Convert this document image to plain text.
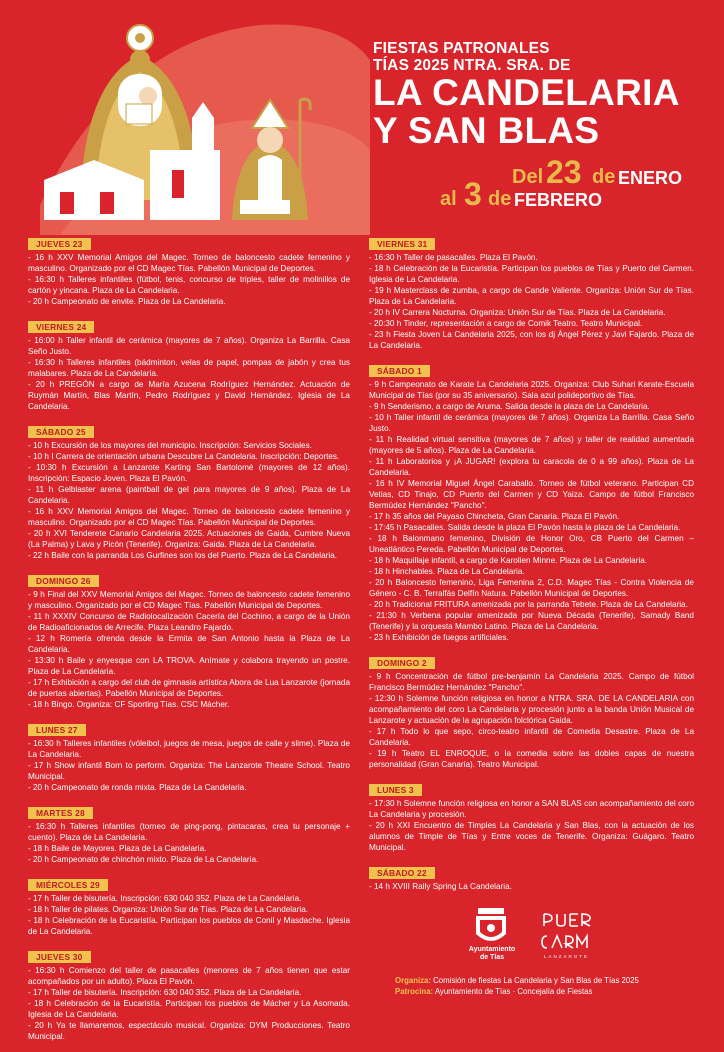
FIESTAS PATRONALES
TÍAS 2025 NTRA. SRA. DE
LA CANDELARIA
Y SAN BLAS
Del 23 de ENERO
al 3 de FEBRERO
JUEVES 23

- 16 h XXV Memorial Amigos del Magec. Torneo de baloncesto cadete femenino y masculino. Organizado por el CD Magec Tías. Pabellón Municipal de Deportes.

- 16:30 h Talleres infantiles (fútbol, tenis, concurso de triples, taller de molinillos de cartón y yincana. Plaza de La Candelaria.

- 20 h Campeonato de envite. Plaza de La Candelaria.

VIERNES 24

- 16:00 h Taller infantil de cerámica (mayores de 7 años). Organiza La Barrilla. Casa Seño Justo.

- 16:30 h Talleres infantiles (bádminton, velas de papel, pompas de jabón y crea tus malabares. Plaza de La Candelaria.

- 20 h PREGÓN a cargo de María Azucena Rodríguez Hernández. Actuación de Ruymán Martín, Blas Martín, Pedro Rodríguez y David Hernández. Iglesia de La Candelaria.

SÁBADO 25

- 10 h Excursión de los mayores del municipio. Inscripción: Servicios Sociales.

- 10 h I Carrera de orientación urbana Descubre La Candelaria. Inscripción: Deportes.

- 10:30 h Excursión a Lanzarote Karting San Bartolomé (mayores de 12 años). Inscripción: Espacio Joven. Plaza El Pavón.

- 11 h Gelblaster arena (paintball de gel para mayores de 9 años). Plaza de La Candelaria.

- 16 h XXV Memorial Amigos del Magec. Torneo de baloncesto cadete femenino y masculino. Organizado por el CD Magec Tías. Pabellón Municipal de Deportes.

- 20 h XVI Tenderete Canario Candelaria 2025. Actuaciones de Gaida, Cumbre Nueva (La Palma) y Lava y Picón (Tenerife). Organiza: Gaida. Plaza de La Candelaria.

- 22 h Baile con la parranda Los Gurfines son los del Puerto. Plaza de La Candelaria.

DOMINGO 26

- 9 h Final del XXV Memorial Amigos del Magec. Torneo de baloncesto cadete femenino y masculino. Organizado por el CD Magec Tías. Pabellón Municipal de Deportes.

- 11 h XXXIV Concurso de Radiolocalización Cacería del Cochino, a cargo de la Unión de Radioaficionados de Arrecife. Plaza Leandro Fajardo.

- 12 h Romería ofrenda desde la Ermita de San Antonio hasta la Plaza de La Candelaria.

- 13:30 h Baile y enyesque con LA TROVA. Anímate y colabora trayendo un postre. Plaza de La Candelaria.

- 17 h Exhibición a cargo del club de gimnasia artística Abora de Lua Lanzarote (jornada de puertas abiertas). Pabellón Municipal de Deportes.

- 18 h Bingo. Organiza: CF Sporting Tías. CSC Mácher.

LUNES 27

- 16:30 h Talleres infantiles (vóleibol, juegos de mesa, juegos de calle y slime). Plaza de La Candelaria.

- 17 h Show infantil Born to perform. Organiza: The Lanzarote Theatre School. Teatro Municipal.

- 20 h Campeonato de ronda mixta. Plaza de La Candelaria.

MARTES 28

- 16:30 h Talleres infantiles (torneo de ping-pong, pintacaras, crea tu personaje + cuento). Plaza de La Candelaria.

- 18 h Baile de Mayores. Plaza de La Candelaria.

- 20 h Campeonato de chinchón mixto. Plaza de La Candelaria.

MIÉRCOLES 29

- 17 h Taller de bisutería. Inscripción: 630 040 352. Plaza de La Candelaria.

- 18 h Taller de pilates. Organiza: Unión Sur de Tías. Plaza de La Candelaria.

- 18 h Celebración de la Eucaristía. Participan los pueblos de Conil y Masdache. Iglesia de La Candelaria.

JUEVES 30

- 16:30 h Comienzo del taller de pasacalles (menores de 7 años tienen que estar acompañados por un adulto). Plaza El Pavón.

- 17 h Taller de bisutería. Inscripción: 630 040 352. Plaza de La Candelaria.

- 18 h Celebración de la Eucaristía. Participan los pueblos de Mácher y La Asomada. Iglesia de La Candelaria.

- 20 h Ya te llamaremos, espectáculo musical. Organiza: DYM Producciones. Teatro Municipal.

VIERNES 31

- 16:30 h Taller de pasacalles. Plaza El Pavón.

- 18 h Celebración de la Eucaristía. Participan los pueblos de Tías y Puerto del Carmen. Iglesia de La Candelaria.

- 19 h Masterclass de zumba, a cargo de Cande Valiente. Organiza: Unión Sur de Tías. Plaza de La Candelaria.

- 20 h IV Carrera Nocturna. Organiza: Unión Sur de Tías. Plaza de La Candelaria.

- 20:30 h Tinder, representación a cargo de Comik Teatro. Teatro Municipal.

- 23 h Fiesta Joven La Candelaria 2025, con los dj Ángel Pérez y Javi Fajardo. Plaza de La Candelaria.

SÁBADO 1

- 9 h Campeonato de Karate La Candelaria 2025. Organiza: Club Suhari Karate-Escuela Municipal de Tías (por su 35 aniversario). Sala azul polideportivo de Tías.

- 9 h Senderismo, a cargo de Aruma. Salida desde la plaza de La Candelaria.

- 10 h Taller infantil de cerámica (mayores de 7 años). Organiza La Barrilla. Casa Seño Justo.

- 11 h Realidad virtual sensitiva (mayores de 7 años) y taller de realidad aumentada (mayores de 5 años). Plaza de La Candelaria.

- 11 h Laboratorios y ¡A JUGAR! (explora tu caracola de 0 a 99 años). Plaza de La Candelaria.

- 16 h IV Memorial Miguel Ángel Caraballo. Torneo de fútbol veterano. Participan CD Vetias, CD Tinajo, CD Puerto del Carmen y CD Yaiza. Campo de fútbol Francisco Bermúdez Hernández "Pancho".

- 17 h 35 años del Payaso Chincheta, Gran Canaria. Plaza El Pavón.

- 17:45 h Pasacalles. Salida desde la plaza El Pavón hasta la plaza de La Candelaria.

- 18 h Balonmano femenino, División de Honor Oro, CB Puerto del Carmen – Uneatlántico Pereda. Pabellón Municipal de Deportes.

- 18 h Maquillaje infantil, a cargo de Karolien Minne. Plaza de La Candelaria.

- 18 h Hinchables. Plaza de La Candelaria.

- 20 h Baloncesto femenino, Liga Femenina 2, C.D. Magec Tías - Contra Violencia de Género - C. B. Terralfás Delfín Natura. Pabellón Municipal de Deportes.

- 20 h Tradicional FRITURA amenizada por la parranda Tebete. Plaza de La Candelaria.

- 21:30 h Verbena popular amenizada por Nueva Década (Tenerife), Samady Band (Tenerife) y la orquesta Mambo Latino. Plaza de La Candelaria.

- 23 h Exhibición de fuegos artificiales.

DOMINGO 2

- 9 h Concentración de fútbol pre-benjamín La Candelaria 2025. Campo de fútbol Francisco Bermúdez Hernández "Pancho".

- 12:30 h Solemne función religiosa en honor a NTRA. SRA. DE LA CANDELARIA con acompañamiento del coro La Candelaria y procesión junto a la banda Unión Musical de Lanzarote y actuación de la agrupación folclórica Gaida.

- 17 h Todo lo que sepo, circo-teatro infantil de Comedia Desastre. Plaza de La Candelaria.

- 19 h Teatro EL ENROQUE, o la comedia sobre las dobles capas de nuestra personalidad (Gran Canaria). Teatro Municipal.

LUNES 3

- 17:30 h Solemne función religiosa en honor a SAN BLAS con acompañamiento del coro La Candelaria y procesión.

- 20 h XXI Encuentro de Timples La Candelaria y San Blas, con la actuación de los alumnos de Timple de Tías y Entre voces de Tenerife. Organiza: Guágaro. Teatro Municipal.

SÁBADO 22

- 14 h XVIII Rally Spring La Candelaria.

Ayuntamiento
de Tías	LANZAROTE
Organiza: Comisión de fiestas La Candelaria y San Blas de Tías 2025
Patrocina: Ayuntamiento de Tías · Concejalía de Fiestas
